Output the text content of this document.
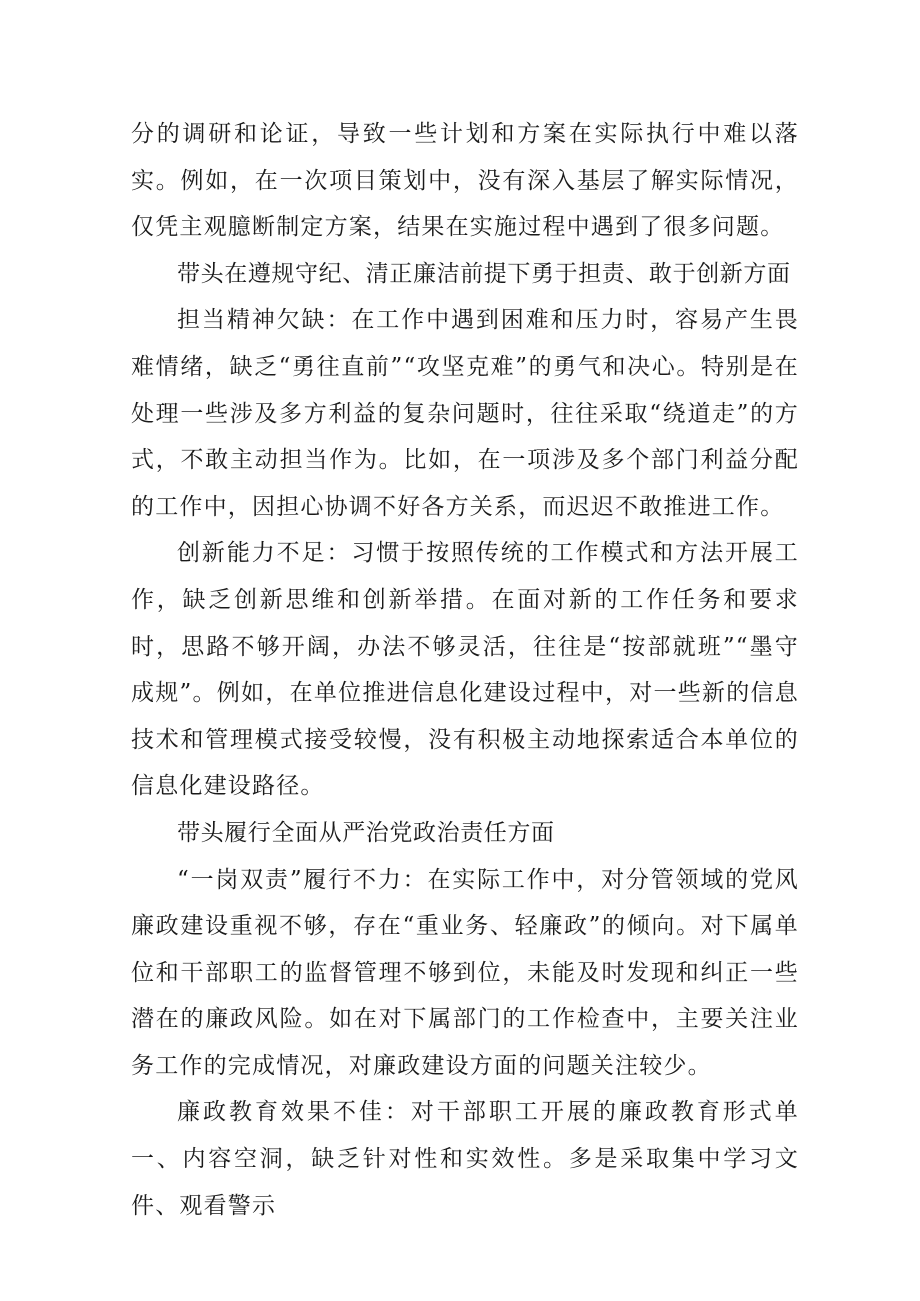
分的调研和论证，导致一些计划和方案在实际执行中难以落实。例如，在一次项目策划中，没有深入基层了解实际情况，仅凭主观臆断制定方案，结果在实施过程中遇到了很多问题。

带头在遵规守纪、清正廉洁前提下勇于担责、敢于创新方面

担当精神欠缺：在工作中遇到困难和压力时，容易产生畏难情绪，缺乏“勇往直前”“攻坚克难”的勇气和决心。特别是在处理一些涉及多方利益的复杂问题时，往往采取“绕道走”的方式，不敢主动担当作为。比如，在一项涉及多个部门利益分配的工作中，因担心协调不好各方关系，而迟迟不敢推进工作。

创新能力不足：习惯于按照传统的工作模式和方法开展工作，缺乏创新思维和创新举措。在面对新的工作任务和要求时，思路不够开阔，办法不够灵活，往往是“按部就班”“墨守成规”。例如，在单位推进信息化建设过程中，对一些新的信息技术和管理模式接受较慢，没有积极主动地探索适合本单位的信息化建设路径。

带头履行全面从严治党政治责任方面

“一岗双责”履行不力：在实际工作中，对分管领域的党风廉政建设重视不够，存在“重业务、轻廉政”的倾向。对下属单位和干部职工的监督管理不够到位，未能及时发现和纠正一些潜在的廉政风险。如在对下属部门的工作检查中，主要关注业务工作的完成情况，对廉政建设方面的问题关注较少。

廉政教育效果不佳：对干部职工开展的廉政教育形式单一、内容空洞，缺乏针对性和实效性。多是采取集中学习文件、观看警示
